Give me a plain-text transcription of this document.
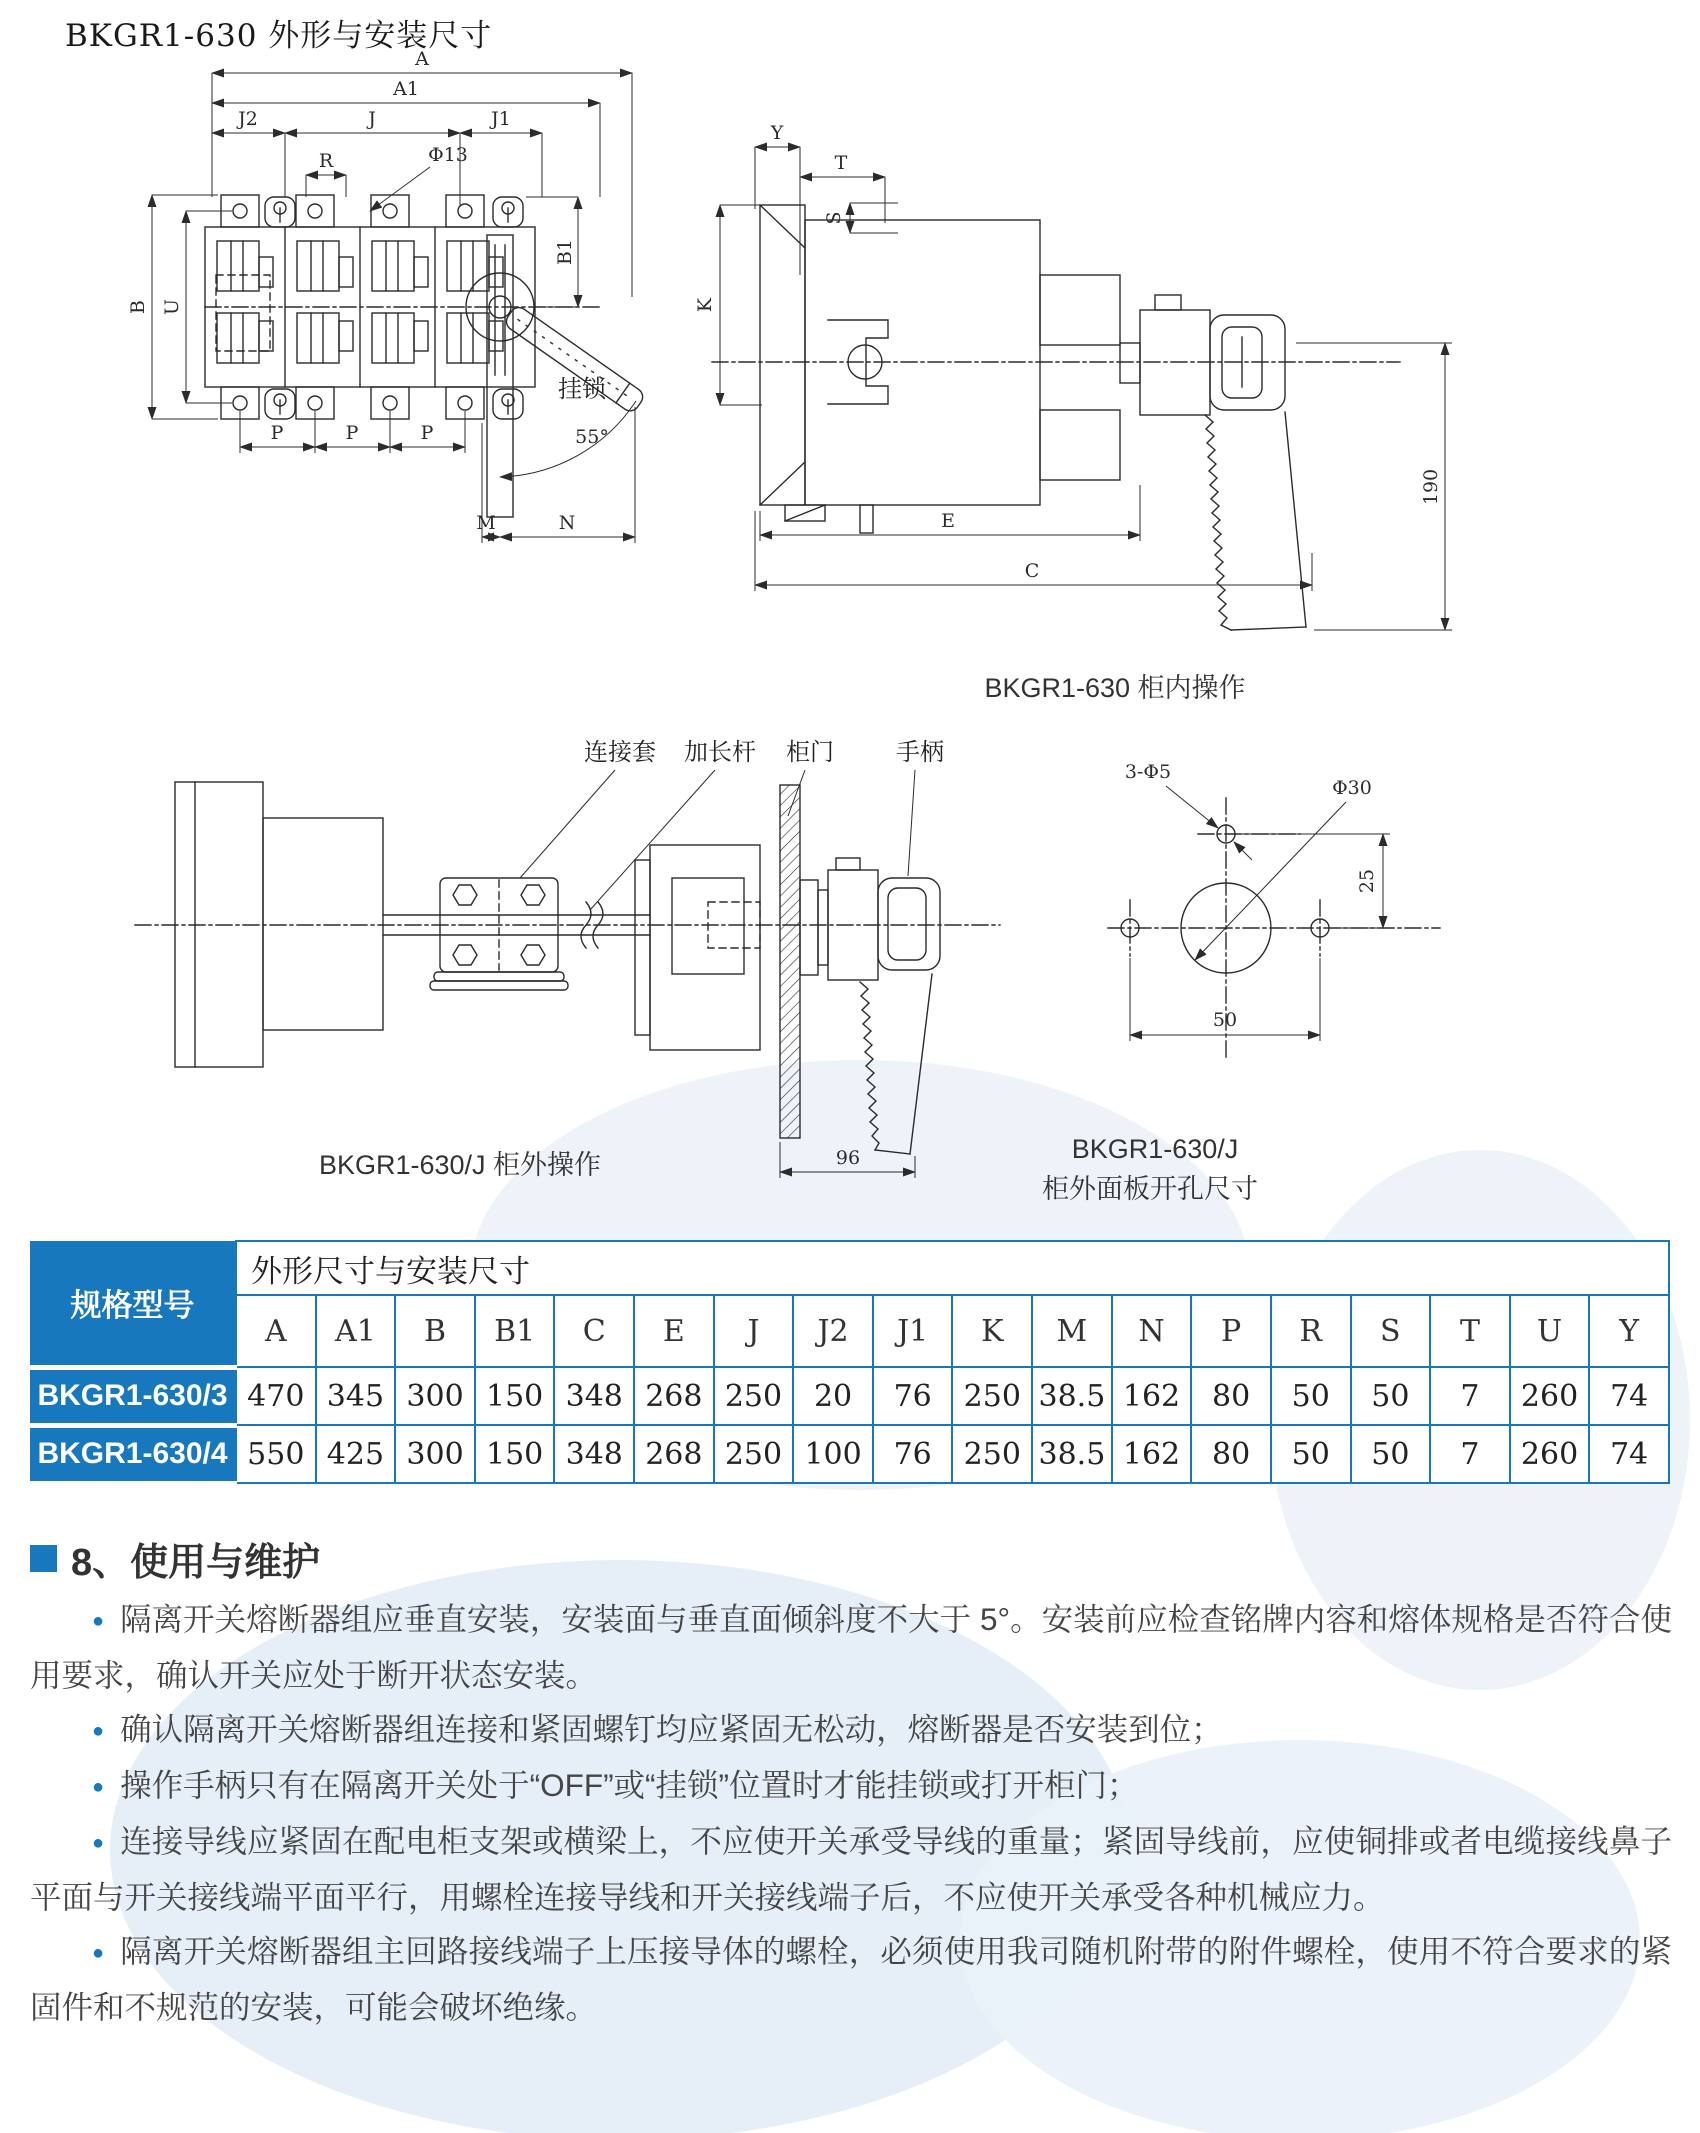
BKGR1-630 外形与安装尺寸
A
A1
J2	J	J1
R	Φ13
B U
B1
P	P	P
M	N
挂锁
55°
Y
T
S
K
E
C
190
BKGR1-630 柜内操作
连接套 加长杆 柜门	手柄
96
BKGR1-630/J 柜外操作
3-Φ5
Φ30
25
50
BKGR1-630/J
柜外面板开孔尺寸
规格型号	外形尺寸与安装尺寸																	
	A	A1	B	B1	C	E	J	J2	J1	K	M	N	P	R	S	T	U	Y
BKGR1-630/3	470	345	300	150	348	268	250	20	76	250	38.5	162	80	50	50	7	260	74
BKGR1-630/4	550	425	300	150	348	268	250	100	76	250	38.5	162	80	50	50	7	260	74
8、使用与维护

● 隔离开关熔断器组应垂直安装，安装面与垂直面倾斜度不大于 5°。安装前应检查铭牌内容和熔体规格是否符合使用要求，确认开关应处于断开状态安装。

● 确认隔离开关熔断器组连接和紧固螺钉均应紧固无松动，熔断器是否安装到位；

● 操作手柄只有在隔离开关处于“OFF”或“挂锁”位置时才能挂锁或打开柜门；

● 连接导线应紧固在配电柜支架或横梁上，不应使开关承受导线的重量；紧固导线前，应使铜排或者电缆接线鼻子平面与开关接线端平面平行，用螺栓连接导线和开关接线端子后，不应使开关承受各种机械应力。

● 隔离开关熔断器组主回路接线端子上压接导体的螺栓，必须使用我司随机附带的附件螺栓，使用不符合要求的紧固件和不规范的安装，可能会破坏绝缘。
